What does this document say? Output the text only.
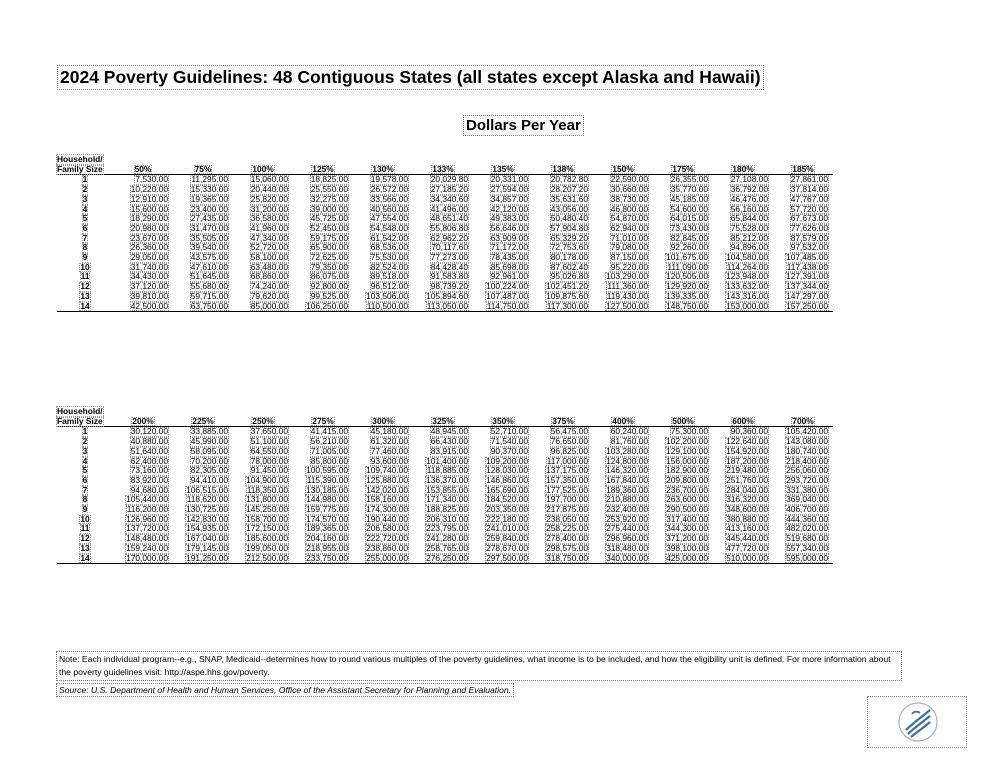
2024 Poverty Guidelines: 48 Contiguous States (all states except Alaska and Hawaii)
Dollars Per Year
Household/												
Family Size	50%	75%	100%	125%	130%	133%	135%	138%	150%	175%	180%	185%
1	7,530.00	11,295.00	15,060.00	18,825.00	19,578.00	20,029.80	20,331.00	20,782.80	22,590.00	26,355.00	27,108.00	27,861.00
2	10,220.00	15,330.00	20,440.00	25,550.00	26,572.00	27,185.20	27,594.00	28,207.20	30,660.00	35,770.00	36,792.00	37,814.00
3	12,910.00	19,365.00	25,820.00	32,275.00	33,566.00	34,340.60	34,857.00	35,631.60	38,730.00	45,185.00	46,476.00	47,767.00
4	15,600.00	23,400.00	31,200.00	39,000.00	40,560.00	41,496.00	42,120.00	43,056.00	46,800.00	54,600.00	56,160.00	57,720.00
5	18,290.00	27,435.00	36,580.00	45,725.00	47,554.00	48,651.40	49,383.00	50,480.40	54,870.00	64,015.00	65,844.00	67,673.00
6	20,980.00	31,470.00	41,960.00	52,450.00	54,548.00	55,806.80	56,646.00	57,904.80	62,940.00	73,430.00	75,528.00	77,626.00
7	23,670.00	35,505.00	47,340.00	59,175.00	61,542.00	62,962.20	63,909.00	65,329.20	71,010.00	82,845.00	85,212.00	87,579.00
8	26,360.00	39,540.00	52,720.00	65,900.00	68,536.00	70,117.60	71,172.00	72,753.60	79,080.00	92,260.00	94,896.00	97,532.00
9	29,050.00	43,575.00	58,100.00	72,625.00	75,530.00	77,273.00	78,435.00	80,178.00	87,150.00	101,675.00	104,580.00	107,485.00
10	31,740.00	47,610.00	63,480.00	79,350.00	82,524.00	84,428.40	85,698.00	87,602.40	95,220.00	111,090.00	114,264.00	117,438.00
11	34,430.00	51,645.00	68,860.00	86,075.00	89,518.00	91,583.80	92,961.00	95,026.80	103,290.00	120,505.00	123,948.00	127,391.00
12	37,120.00	55,680.00	74,240.00	92,800.00	96,512.00	98,739.20	100,224.00	102,451.20	111,360.00	129,920.00	133,632.00	137,344.00
13	39,810.00	59,715.00	79,620.00	99,525.00	103,506.00	105,894.60	107,487.00	109,875.60	119,430.00	139,335.00	143,316.00	147,297.00
14	42,500.00	63,750.00	85,000.00	106,250.00	110,500.00	113,050.00	114,750.00	117,300.00	127,500.00	148,750.00	153,000.00	157,250.00
Household/												
Family Size	200%	225%	250%	275%	300%	325%	350%	375%	400%	500%	600%	700%
1	30,120.00	33,885.00	37,650.00	41,415.00	45,180.00	48,945.00	52,710.00	56,475.00	60,240.00	75,300.00	90,360.00	105,420.00
2	40,880.00	45,990.00	51,100.00	56,210.00	61,320.00	66,430.00	71,540.00	76,650.00	81,760.00	102,200.00	122,640.00	143,080.00
3	51,640.00	58,095.00	64,550.00	71,005.00	77,460.00	83,915.00	90,370.00	96,825.00	103,280.00	129,100.00	154,920.00	180,740.00
4	62,400.00	70,200.00	78,000.00	85,800.00	93,600.00	101,400.00	109,200.00	117,000.00	124,800.00	156,000.00	187,200.00	218,400.00
5	73,160.00	82,305.00	91,450.00	100,595.00	109,740.00	118,885.00	128,030.00	137,175.00	146,320.00	182,900.00	219,480.00	256,060.00
6	83,920.00	94,410.00	104,900.00	115,390.00	125,880.00	136,370.00	146,860.00	157,350.00	167,840.00	209,800.00	251,760.00	293,720.00
7	94,680.00	106,515.00	118,350.00	130,185.00	142,020.00	153,855.00	165,690.00	177,525.00	189,360.00	236,700.00	284,040.00	331,380.00
8	105,440.00	118,620.00	131,800.00	144,980.00	158,160.00	171,340.00	184,520.00	197,700.00	210,880.00	263,600.00	316,320.00	369,040.00
9	116,200.00	130,725.00	145,250.00	159,775.00	174,300.00	188,825.00	203,350.00	217,875.00	232,400.00	290,500.00	348,600.00	406,700.00
10	126,960.00	142,830.00	158,700.00	174,570.00	190,440.00	206,310.00	222,180.00	238,050.00	253,920.00	317,400.00	380,880.00	444,360.00
11	137,720.00	154,935.00	172,150.00	189,365.00	206,580.00	223,795.00	241,010.00	258,225.00	275,440.00	344,300.00	413,160.00	482,020.00
12	148,480.00	167,040.00	185,600.00	204,160.00	222,720.00	241,280.00	259,840.00	278,400.00	296,960.00	371,200.00	445,440.00	519,680.00
13	159,240.00	179,145.00	199,050.00	218,955.00	238,860.00	258,765.00	278,670.00	298,575.00	318,480.00	398,100.00	477,720.00	557,340.00
14	170,000.00	191,250.00	212,500.00	233,750.00	255,000.00	276,250.00	297,500.00	318,750.00	340,000.00	425,000.00	510,000.00	595,000.00
Note: Each individual program--e.g., SNAP, Medicaid--determines how to round various multiples of the poverty guidelines, what income is to be included, and how the eligibility unit is defined. For more information about the poverty guidelines visit: http://aspe.hhs.gov/poverty.
Source: U.S. Department of Health and Human Services, Office of the Assistant Secretary for Planning and Evaluation.
